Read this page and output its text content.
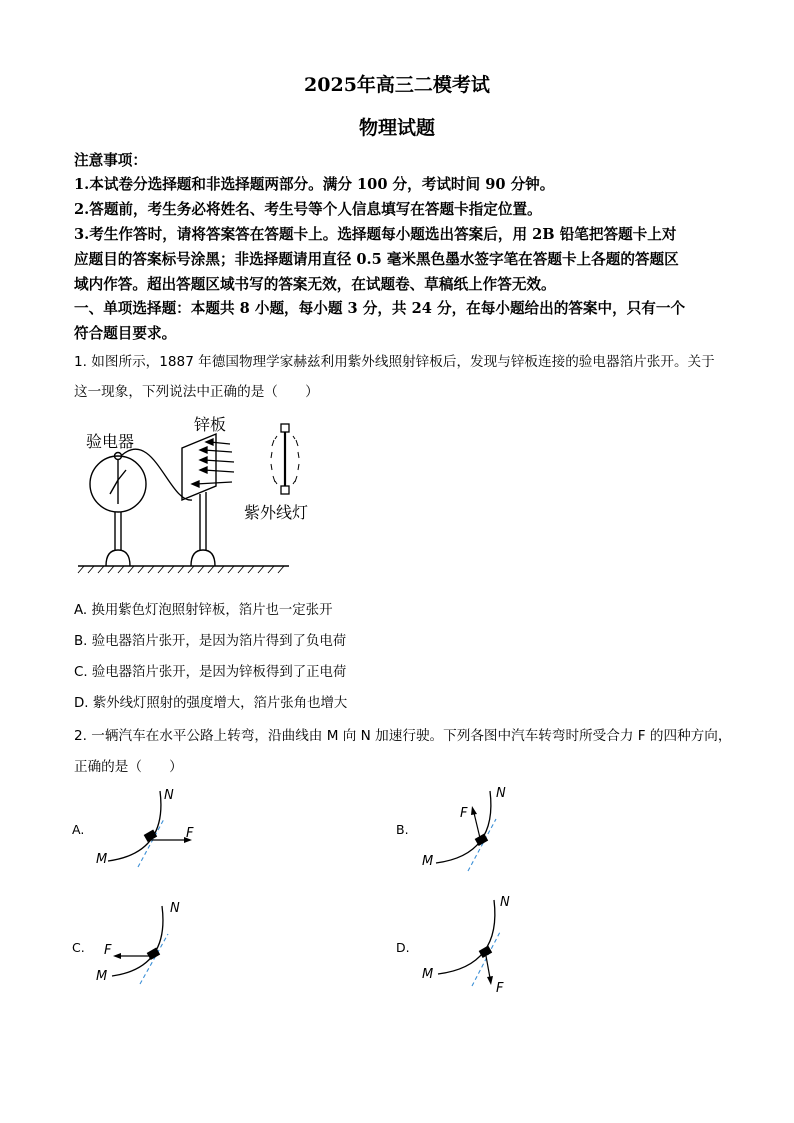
2025年高三二模考试
物理试题
注意事项：
1.本试卷分选择题和非选择题两部分。满分 100 分，考试时间 90 分钟。
2.答题前，考生务必将姓名、考生号等个人信息填写在答题卡指定位置。
3.考生作答时，请将答案答在答题卡上。选择题每小题选出答案后，用 2B 铅笔把答题卡上对
应题目的答案标号涂黑；非选择题请用直径 0.5 毫米黑色墨水签字笔在答题卡上各题的答题区
域内作答。超出答题区域书写的答案无效，在试题卷、草稿纸上作答无效。
一、单项选择题：本题共 8 小题，每小题 3 分，共 24 分，在每小题给出的答案中，只有一个
符合题目要求。
1. 如图所示，1887 年德国物理学家赫兹利用紫外线照射锌板后，发现与锌板连接的验电器箔片张开。关于
这一现象，下列说法中正确的是（　　）
验电器
锌板
紫外线灯
A. 换用紫色灯泡照射锌板，箔片也一定张开
B. 验电器箔片张开，是因为箔片得到了负电荷
C. 验电器箔片张开，是因为锌板得到了正电荷
D. 紫外线灯照射的强度增大，箔片张角也增大
2. 一辆汽车在水平公路上转弯，沿曲线由 M 向 N 加速行驶。下列各图中汽车转弯时所受合力 F 的四种方向，
正确的是（　　）
A.
N
M
F	B.
N
M
F
C.
N
M
F	D.
N
M
F
